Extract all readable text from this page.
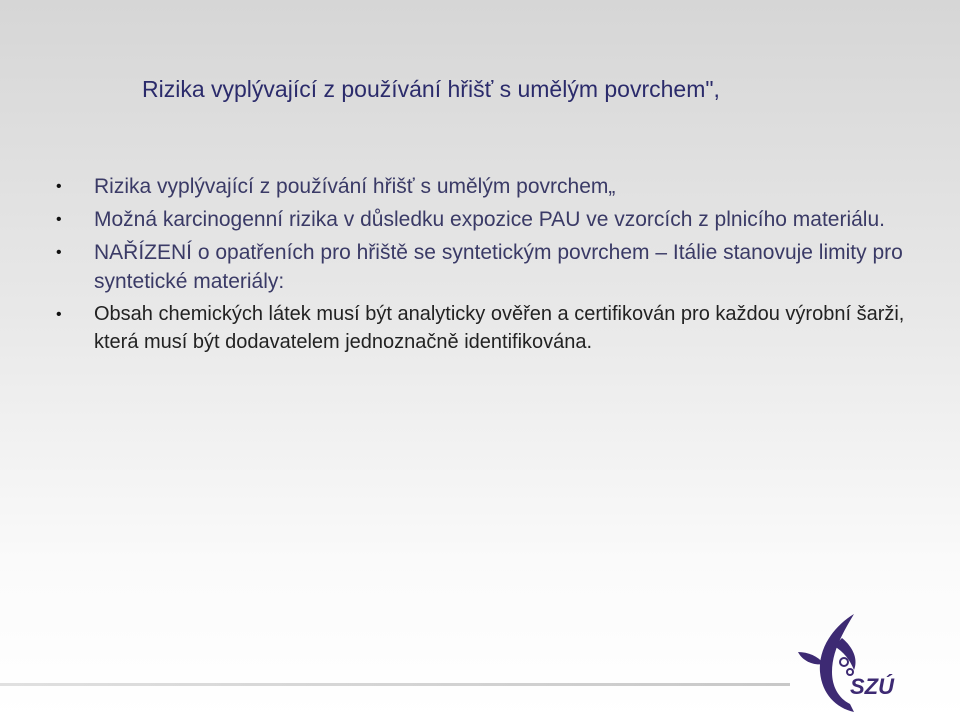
Rizika vyplývající z používání hřišť s umělým povrchem",
• Rizika vyplývající z používání hřišť s umělým povrchem„
• Možná karcinogenní rizika v důsledku expozice PAU ve vzorcích z plnicího materiálu.
• NAŘÍZENÍ o opatřeních pro hřiště se syntetickým povrchem – Itálie stanovuje limity pro syntetické materiály:
• Obsah chemických látek musí být analyticky ověřen a certifikován pro každou výrobní šarži, která musí být dodavatelem jednoznačně identifikována.
SZÚ
